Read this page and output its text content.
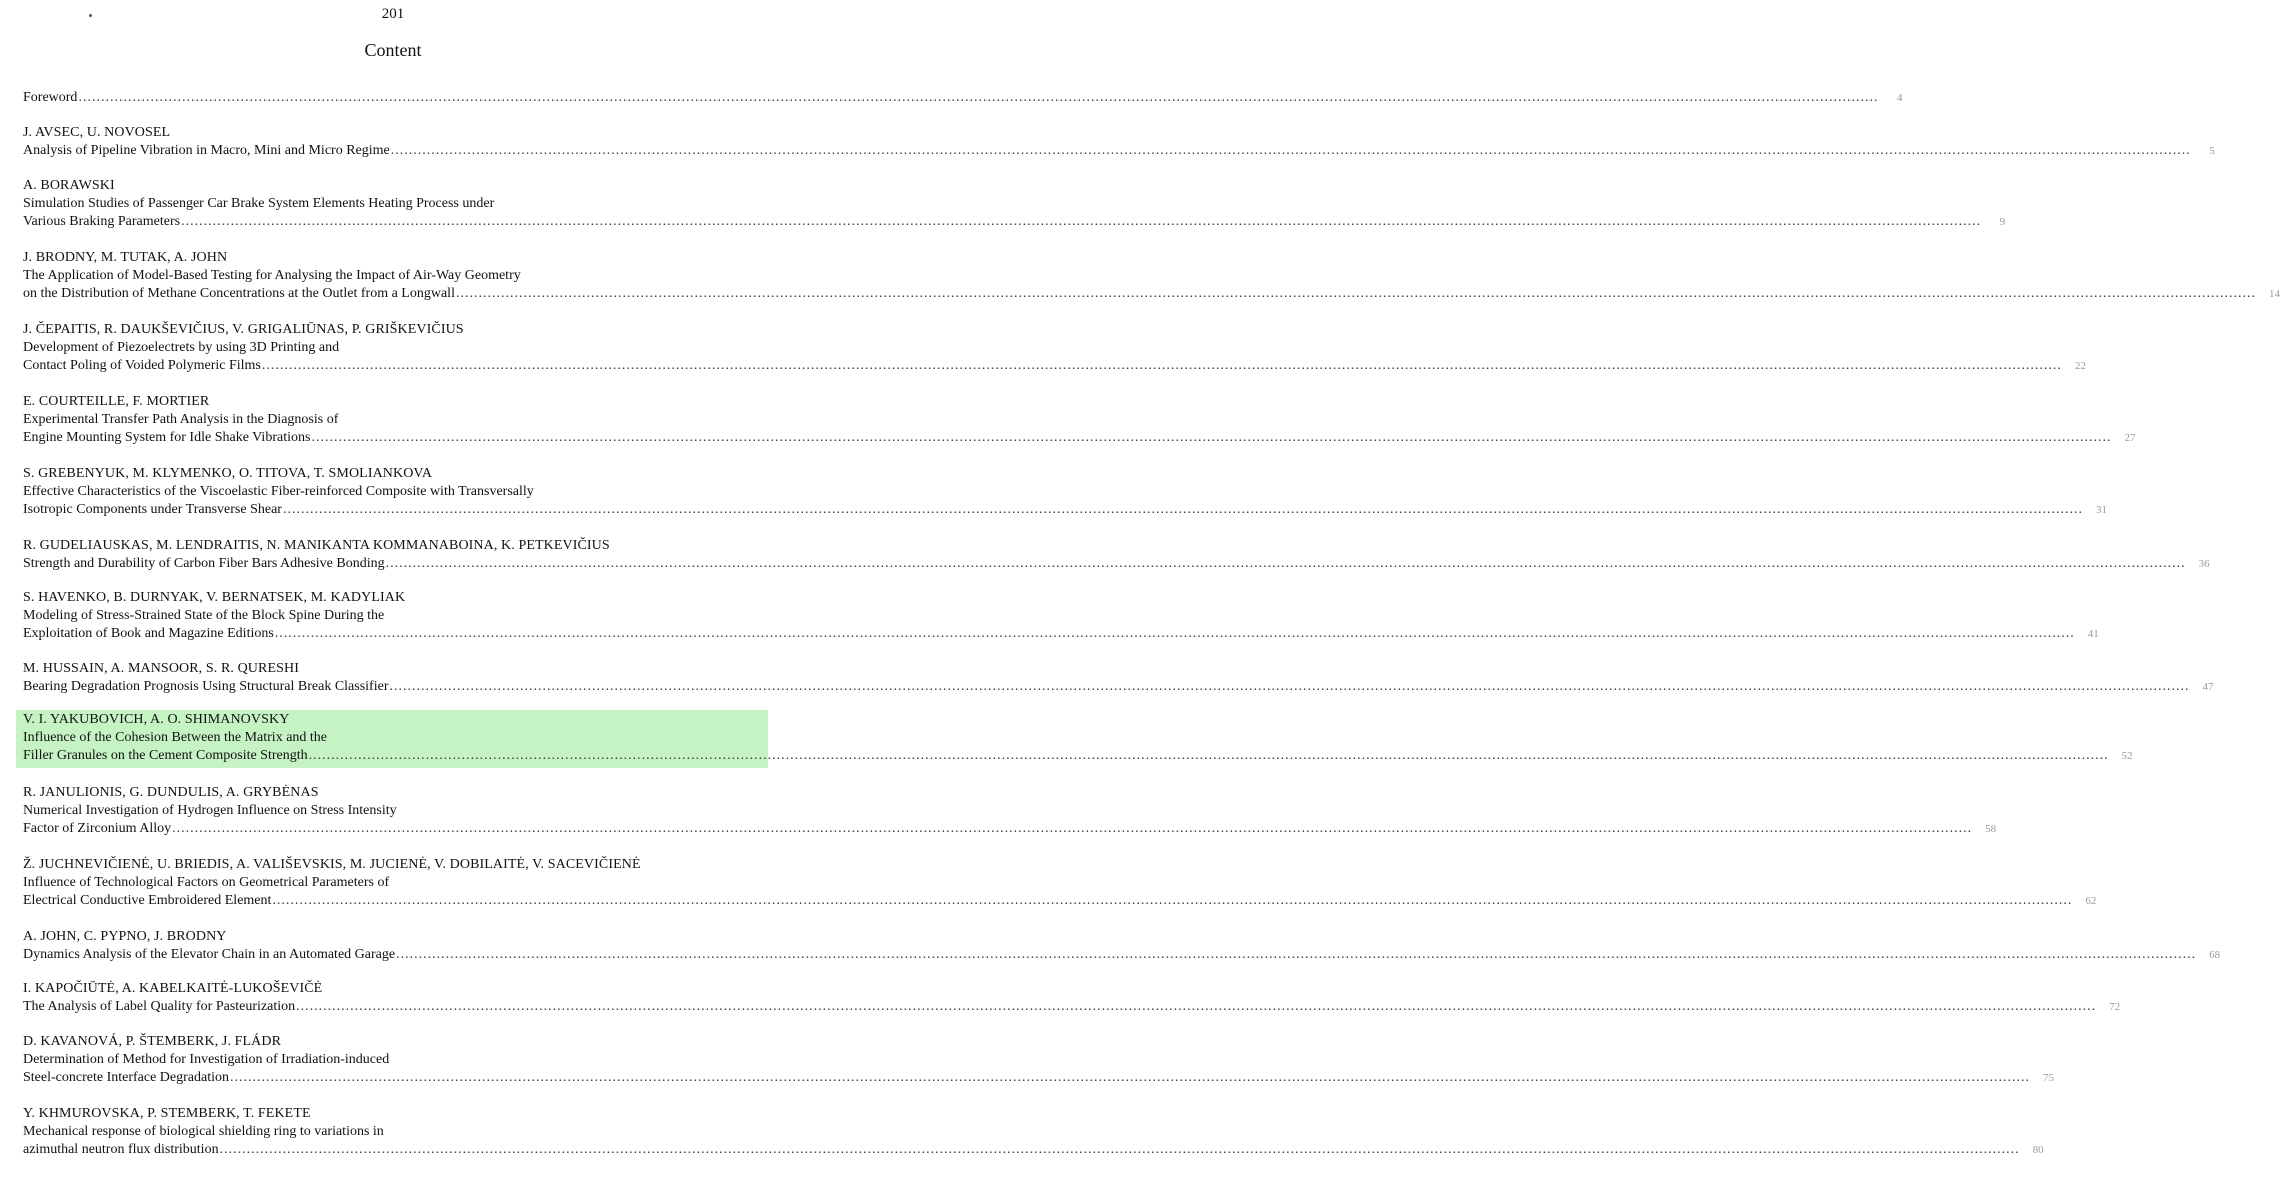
201
Content
Foreword ................................................................................................................................................................................................................................................................................................................................................................................................................	4
J. AVSEC, U. NOVOSEL
Analysis of Pipeline Vibration in Macro, Mini and Micro Regime ................................................................................................................................................................................................................................................................................................................................................................................................................	5
A. BORAWSKI
Simulation Studies of Passenger Car Brake System Elements Heating Process under
Various Braking Parameters ................................................................................................................................................................................................................................................................................................................................................................................................................	9
J. BRODNY, M. TUTAK, A. JOHN
The Application of Model-Based Testing for Analysing the Impact of Air-Way Geometry
on the Distribution of Methane Concentrations at the Outlet from a Longwall ................................................................................................................................................................................................................................................................................................................................................................................................................	14
J. ČEPAITIS, R. DAUKŠEVIČIUS, V. GRIGALIŪNAS, P. GRIŠKEVIČIUS
Development of Piezoelectrets by using 3D Printing and
Contact Poling of Voided Polymeric Films ................................................................................................................................................................................................................................................................................................................................................................................................................	22
E. COURTEILLE, F. MORTIER
Experimental Transfer Path Analysis in the Diagnosis of
Engine Mounting System for Idle Shake Vibrations ................................................................................................................................................................................................................................................................................................................................................................................................................	27
S. GREBENYUK, M. KLYMENKO, O. TITOVA, T. SMOLIANKOVA
Effective Characteristics of the Viscoelastic Fiber-reinforced Composite with Transversally
Isotropic Components under Transverse Shear ................................................................................................................................................................................................................................................................................................................................................................................................................	31
R. GUDELIAUSKAS, M. LENDRAITIS, N. MANIKANTA KOMMANABOINA, K. PETKEVIČIUS
Strength and Durability of Carbon Fiber Bars Adhesive Bonding ................................................................................................................................................................................................................................................................................................................................................................................................................	36
S. HAVENKO, B. DURNYAK, V. BERNATSEK, M. KADYLIAK
Modeling of Stress-Strained State of the Block Spine During the
Exploitation of Book and Magazine Editions ................................................................................................................................................................................................................................................................................................................................................................................................................	41
M. HUSSAIN, A. MANSOOR, S. R. QURESHI
Bearing Degradation Prognosis Using Structural Break Classifier ................................................................................................................................................................................................................................................................................................................................................................................................................	47
V. I. YAKUBOVICH, A. O. SHIMANOVSKY
Influence of the Cohesion Between the Matrix and the
Filler Granules on the Cement Composite Strength ................................................................................................................................................................................................................................................................................................................................................................................................................	52
R. JANULIONIS, G. DUNDULIS, A. GRYBĖNAS
Numerical Investigation of Hydrogen Influence on Stress Intensity
Factor of Zirconium Alloy ................................................................................................................................................................................................................................................................................................................................................................................................................	58
Ž. JUCHNEVIČIENĖ, U. BRIEDIS, A. VALIŠEVSKIS, M. JUCIENĖ, V. DOBILAITĖ, V. SACEVIČIENĖ
Influence of Technological Factors on Geometrical Parameters of
Electrical Conductive Embroidered Element ................................................................................................................................................................................................................................................................................................................................................................................................................	62
A. JOHN, C. PYPNO, J. BRODNY
Dynamics Analysis of the Elevator Chain in an Automated Garage ................................................................................................................................................................................................................................................................................................................................................................................................................	68
I. KAPOČIŪTĖ, A. KABELKAITĖ-LUKOŠEVIČĖ
The Analysis of Label Quality for Pasteurization ................................................................................................................................................................................................................................................................................................................................................................................................................	72
D. KAVANOVÁ, P. ŠTEMBERK, J. FLÁDR
Determination of Method for Investigation of Irradiation-induced
Steel-concrete Interface Degradation ................................................................................................................................................................................................................................................................................................................................................................................................................	75
Y. KHMUROVSKA, P. STEMBERK, T. FEKETE
Mechanical response of biological shielding ring to variations in
azimuthal neutron flux distribution ................................................................................................................................................................................................................................................................................................................................................................................................................	80
